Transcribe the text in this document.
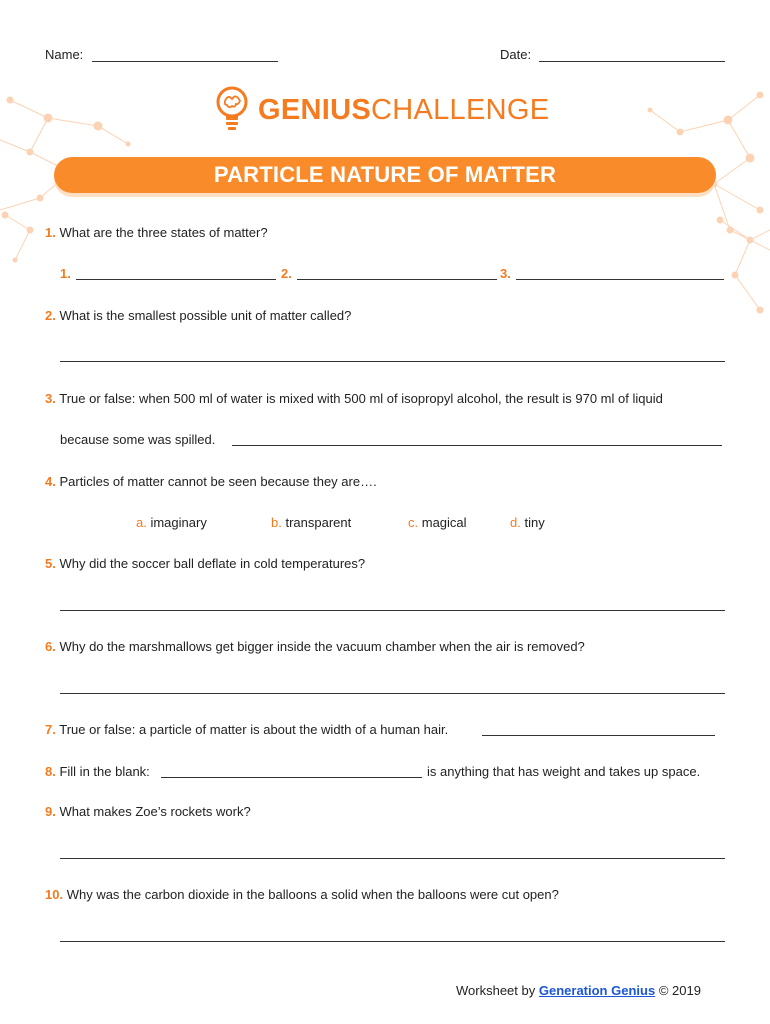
Name:	Date:
GENIUSCHALLENGE
PARTICLE NATURE OF MATTER
1. What are the three states of matter?
1.	2.	3.
2. What is the smallest possible unit of matter called?
3. True or false: when 500 ml of water is mixed with 500 ml of isopropyl alcohol, the result is 970 ml of liquid
because some was spilled.
4. Particles of matter cannot be seen because they are….
a. imaginary	b. transparent	c. magical	d. tiny
5. Why did the soccer ball deflate in cold temperatures?
6. Why do the marshmallows get bigger inside the vacuum chamber when the air is removed?
7. True or false: a particle of matter is about the width of a human hair.
8. Fill in the blank:	is anything that has weight and takes up space.
9. What makes Zoe’s rockets work?
10. Why was the carbon dioxide in the balloons a solid when the balloons were cut open?
Worksheet by Generation Genius © 2019
